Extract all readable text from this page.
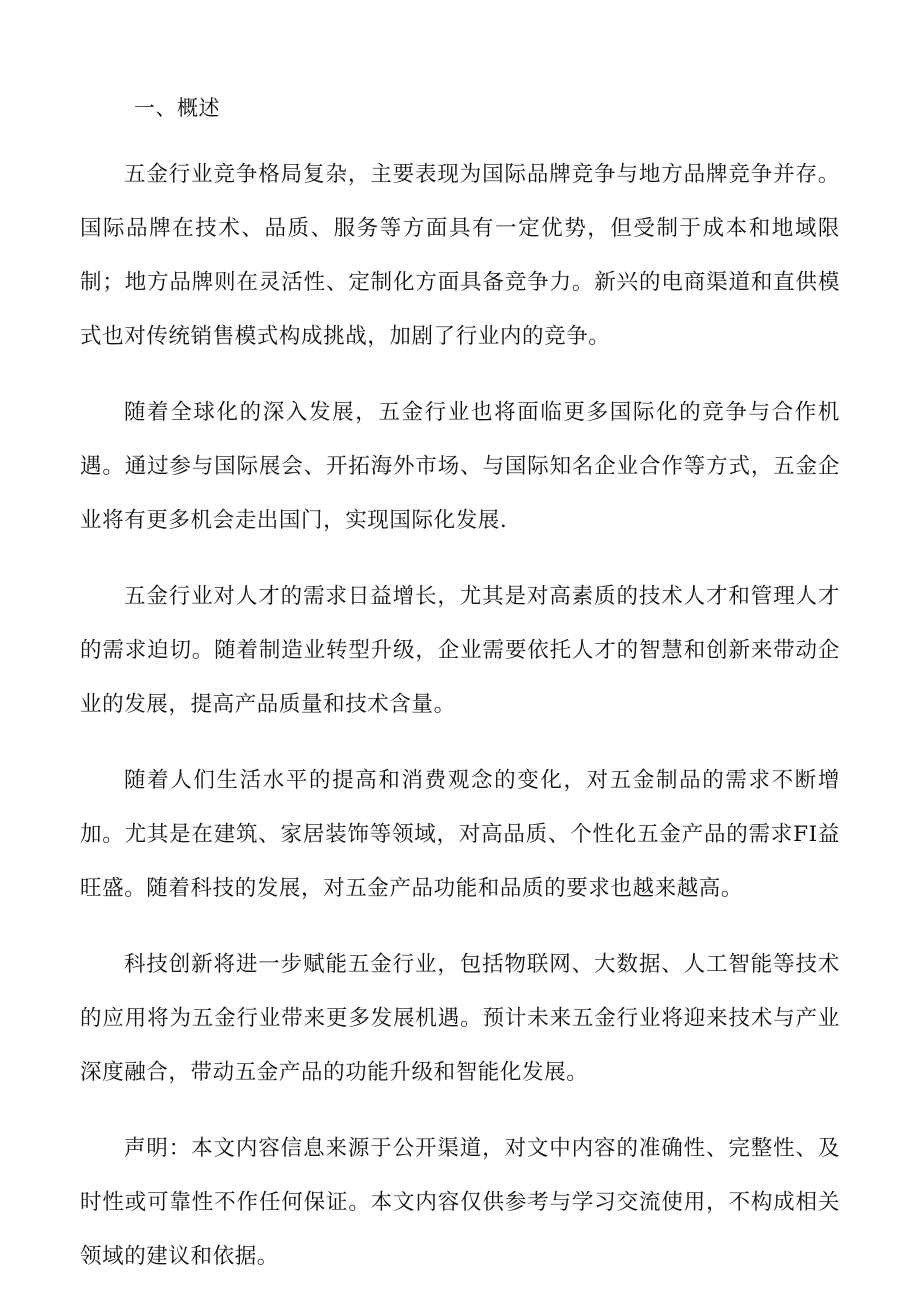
一、概述

五金行业竞争格局复杂，主要表现为国际品牌竞争与地方品牌竞争并存。国际品牌在技术、品质、服务等方面具有一定优势，但受制于成本和地域限制；地方品牌则在灵活性、定制化方面具备竞争力。新兴的电商渠道和直供模式也对传统销售模式构成挑战，加剧了行业内的竞争。

随着全球化的深入发展，五金行业也将面临更多国际化的竞争与合作机遇。通过参与国际展会、开拓海外市场、与国际知名企业合作等方式，五金企业将有更多机会走出国门，实现国际化发展.

五金行业对人才的需求日益增长，尤其是对高素质的技术人才和管理人才的需求迫切。随着制造业转型升级，企业需要依托人才的智慧和创新来带动企业的发展，提高产品质量和技术含量。

随着人们生活水平的提高和消费观念的变化，对五金制品的需求不断增加。尤其是在建筑、家居装饰等领域，对高品质、个性化五金产品的需求FI益旺盛。随着科技的发展，对五金产品功能和品质的要求也越来越高。

科技创新将进一步赋能五金行业，包括物联网、大数据、人工智能等技术的应用将为五金行业带来更多发展机遇。预计未来五金行业将迎来技术与产业深度融合，带动五金产品的功能升级和智能化发展。

声明：本文内容信息来源于公开渠道，对文中内容的准确性、完整性、及时性或可靠性不作任何保证。本文内容仅供参考与学习交流使用，不构成相关领域的建议和依据。
